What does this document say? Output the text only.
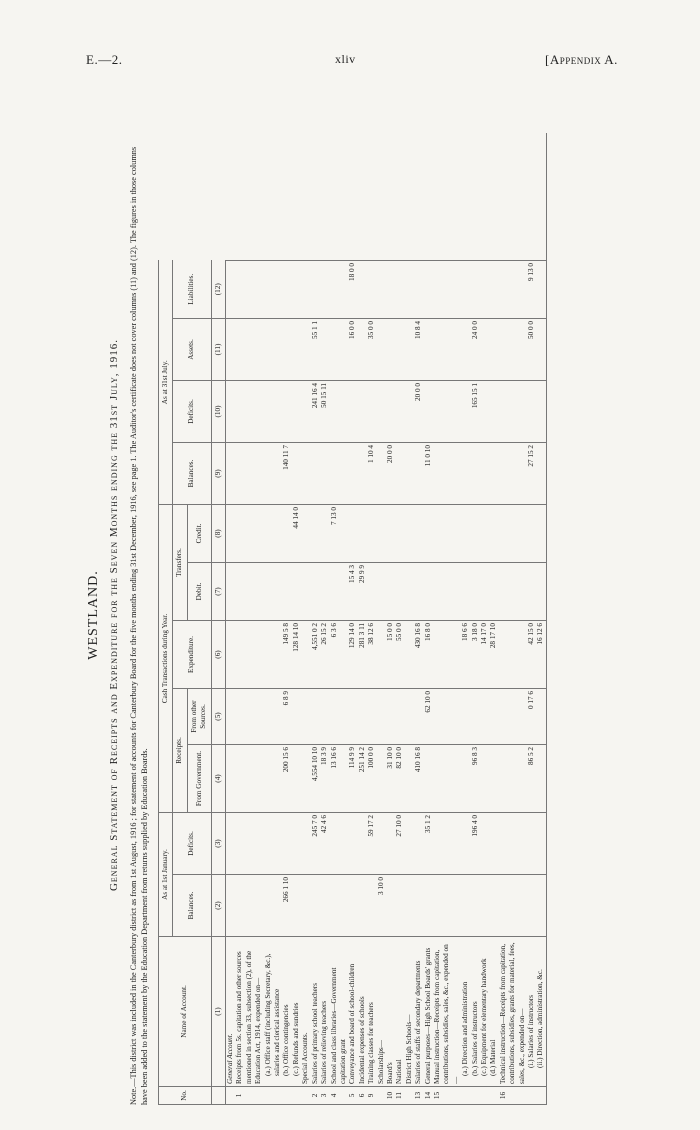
E.—2.	xliv	[Appendix A.
WESTLAND. General Statement of Receipts and Expenditure for the Seven Months ending the 31st July, 1916. Note.—This district was included in the Canterbury district as from 1st August, 1916 ; for statement of accounts for Canterbury Board for the five months ending 31st December, 1916, see page 1. The Auditor's certificate does not cover columns (11) and (12). The figures in those columns have been added to the statement by the Education Department from returns supplied by Education Boards.	No.	Name of Account.	As at 1st January.		Cash Transactions during Year.					As at 31st July.				
		Balances.	Deficits.	Receipts.		Expenditure.	Transfers.		Balances.	Deficits.	Assets.	Liabilities.	
				From Government.	From other Sources.		Debit.	Credit.					
	(1)	(2)	(3)	(4)	(5)	(6)	(7)	(8)	(9)	(10)	(11)	(12)	
	General Account.												
1	Receipts from 5s. capitation and other sources mentioned in section 33, subsection (2), of the Education Act, 1914, expended on—												
	(a.) Office staff (including Secretary, &c.), salaries and clerical assistance												
	(b.) Office contingencies	266 1 10		200 15 6	6 8 9	149 5 8			140 11 7				
	(c.) Refunds and sundries					128 14 10		44 14 0					
	Special Accounts.												
2	Salaries of primary school teachers		245 7 0	4,554 10 10		4,551 0 2				241 16 4	55 1 1		
3	Salaries of relieving teachers		42 4 6	18 3 9		26 15 2				50 15 11			
4	School and class libraries—Government capitation grant			13 16 6		6 3 6		7 13 0					
5	Conveyance and board of school-children			114 9 9		129 14 0	15 4 3				16 0 0	18 0 0	
6	Incidental expenses of schools			251 14 2		281 3 11	29 9 9						
9	Training classes for teachers		59 17 2	100 0 0		38 12 6			1 10 4		35 0 0		
	Scholarships—	3 10 0											
10	Board's			31 10 0		15 0 0			20 0 0				
11	National		27 10 0	82 10 0		55 0 0							
	District High Schools—												
13	Salaries of staffs of secondary departments			410 16 8		430 16 8				20 0 0	10 8 4		
14	General purposes—High School Boards' grants		35 1 2		62 10 0	16 8 0			11 0 10				
15	Manual instruction—Receipts from capitation, contributions, subsidies, sales, &c., expended on—												
	(a.) Direction and administration					18 6 6							
	(b.) Salaries of instructors		196 4 0	96 8 3		3 18 0				165 15 1	24 0 0		
	(c.) Equipment for elementary handwork					14 17 0							
	(d.) Material					28 17 10							
16	Technical instruction—Receipts from capitation, contributions, subsidies, grants for material, fees, sales, &c., expended on—												
	(i.) Salaries of instructors			86 5 2	0 17 6	42 15 0			27 15 2		50 0 0	9 13 0	
	(ii.) Direction, administration, &c.					16 12 6							
